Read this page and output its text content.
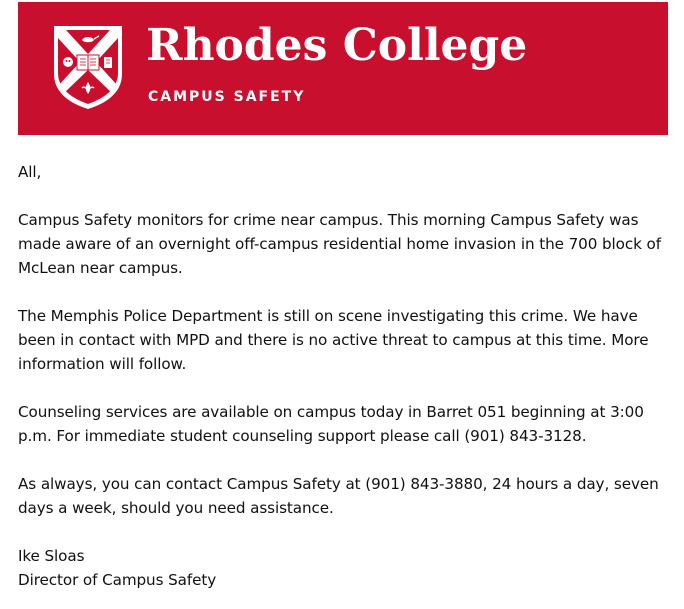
Rhodes College
CAMPUS SAFETY

All,

Campus Safety monitors for crime near campus. This morning Campus Safety was made aware of an overnight off-campus residential home invasion in the 700 block of McLean near campus.

The Memphis Police Department is still on scene investigating this crime. We have been in contact with MPD and there is no active threat to campus at this time. More information will follow.

Counseling services are available on campus today in Barret 051 beginning at 3:00 p.m. For immediate student counseling support please call (901) 843-3128.

As always, you can contact Campus Safety at (901) 843-3880, 24 hours a day, seven days a week, should you need assistance.

Ike Sloas
Director of Campus Safety
